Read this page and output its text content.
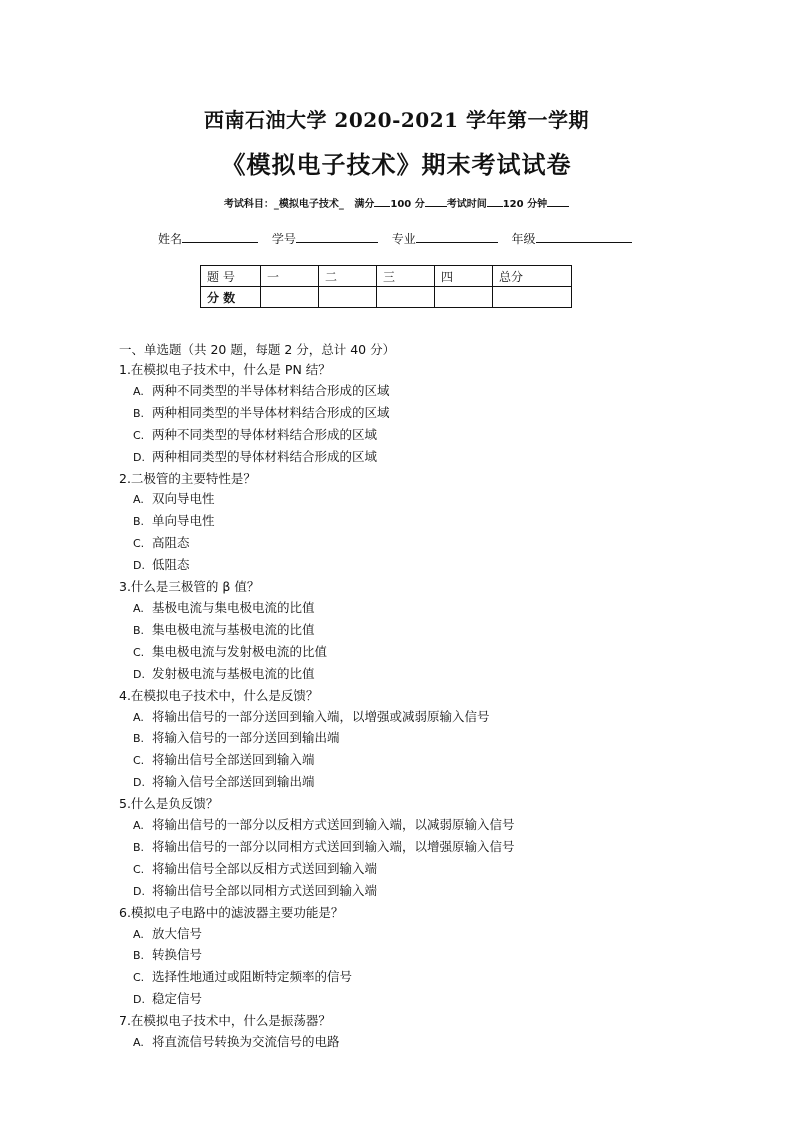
西南石油大学 2020-2021 学年第一学期
《模拟电子技术》期末考试试卷
考试科目：_模拟电子技术_ 满分 100 分 考试时间 120 分钟
姓名	学号	专业	年级
题 号	一	二	三	四	总分
分 数					
一、单选题（共 20 题，每题 2 分，总计 40 分）
1.在模拟电子技术中，什么是 PN 结？
A. 两种不同类型的半导体材料结合形成的区域
B. 两种相同类型的半导体材料结合形成的区域
C. 两种不同类型的导体材料结合形成的区域
D. 两种相同类型的导体材料结合形成的区域
2.二极管的主要特性是？
A. 双向导电性
B. 单向导电性
C. 高阻态
D. 低阻态
3.什么是三极管的 β 值？
A. 基极电流与集电极电流的比值
B. 集电极电流与基极电流的比值
C. 集电极电流与发射极电流的比值
D. 发射极电流与基极电流的比值
4.在模拟电子技术中，什么是反馈？
A. 将输出信号的一部分送回到输入端，以增强或减弱原输入信号
B. 将输入信号的一部分送回到输出端
C. 将输出信号全部送回到输入端
D. 将输入信号全部送回到输出端
5.什么是负反馈？
A. 将输出信号的一部分以反相方式送回到输入端，以减弱原输入信号
B. 将输出信号的一部分以同相方式送回到输入端，以增强原输入信号
C. 将输出信号全部以反相方式送回到输入端
D. 将输出信号全部以同相方式送回到输入端
6.模拟电子电路中的滤波器主要功能是？
A. 放大信号
B. 转换信号
C. 选择性地通过或阻断特定频率的信号
D. 稳定信号
7.在模拟电子技术中，什么是振荡器？
A. 将直流信号转换为交流信号的电路
